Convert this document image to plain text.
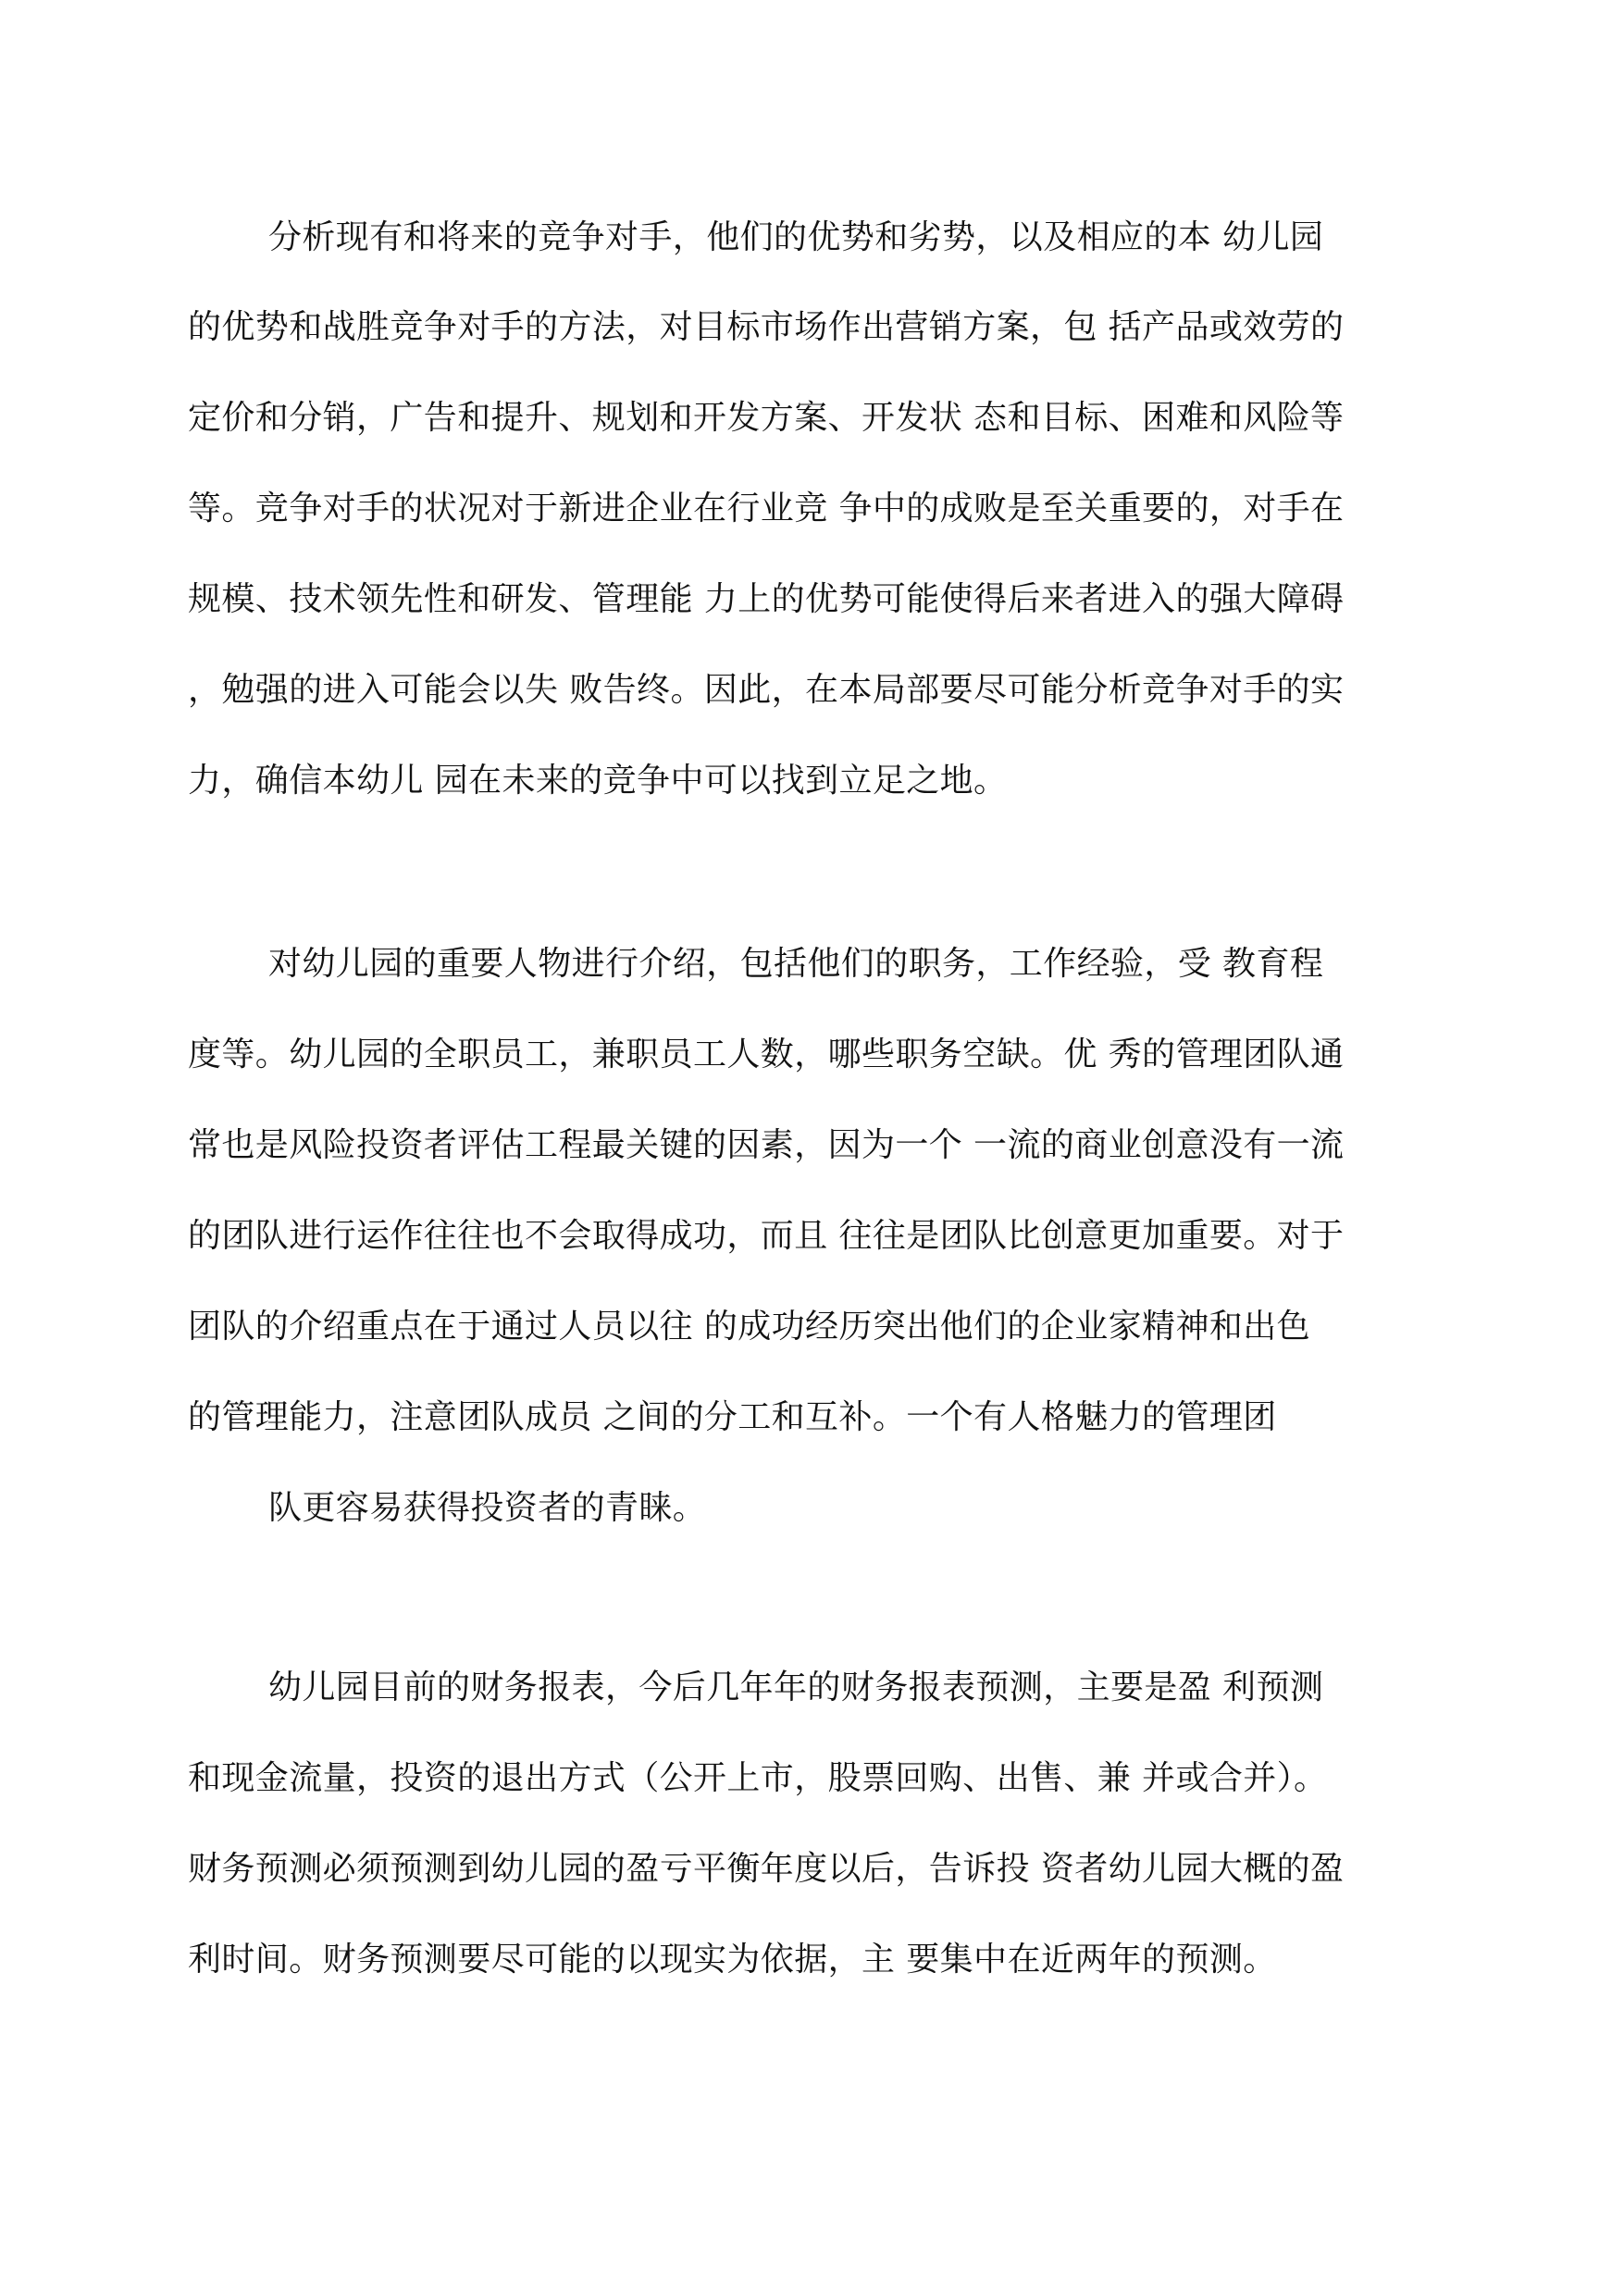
分析现有和将来的竞争对手，他们的优势和劣势，以及相应的本 幼儿园
的优势和战胜竞争对手的方法，对目标市场作出营销方案，包 括产品或效劳的
定价和分销，广告和提升、规划和开发方案、开发状 态和目标、困难和风险等
等。竞争对手的状况对于新进企业在行业竞 争中的成败是至关重要的，对手在
规模、技术领先性和研发、管理能 力上的优势可能使得后来者进入的强大障碍
，勉强的进入可能会以失 败告终。因此，在本局部要尽可能分析竞争对手的实
力，确信本幼儿 园在未来的竞争中可以找到立足之地。
对幼儿园的重要人物进行介绍，包括他们的职务，工作经验，受 教育程
度等。幼儿园的全职员工，兼职员工人数，哪些职务空缺。优 秀的管理团队通
常也是风险投资者评估工程最关键的因素，因为一个 一流的商业创意没有一流
的团队进行运作往往也不会取得成功，而且 往往是团队比创意更加重要。对于
团队的介绍重点在于通过人员以往 的成功经历突出他们的企业家精神和出色
的管理能力，注意团队成员 之间的分工和互补。一个有人格魅力的管理团
队更容易获得投资者的青睐。
幼儿园目前的财务报表，今后几年年的财务报表预测，主要是盈 利预测
和现金流量，投资的退出方式（公开上市，股票回购、出售、兼 并或合并）。
财务预测必须预测到幼儿园的盈亏平衡年度以后，告诉投 资者幼儿园大概的盈
利时间。财务预测要尽可能的以现实为依据，主 要集中在近两年的预测。
